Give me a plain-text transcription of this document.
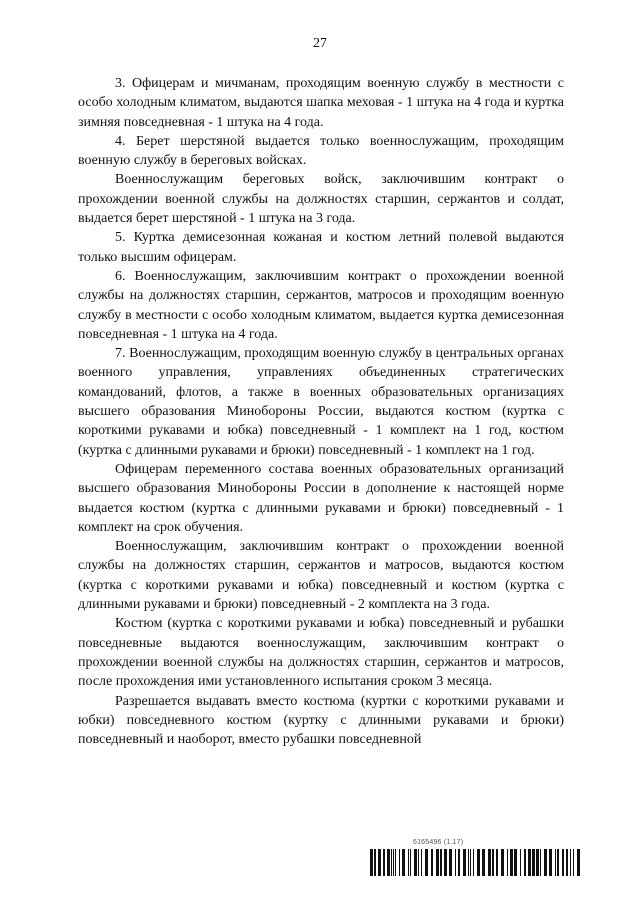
27

3. Офицерам и мичманам, проходящим военную службу в местности с особо холодным климатом, выдаются шапка меховая - 1 штука на 4 года и куртка зимняя повседневная - 1 штука на 4 года.

4. Берет шерстяной выдается только военнослужащим, проходящим военную службу в береговых войсках.

Военнослужащим береговых войск, заключившим контракт о прохождении военной службы на должностях старшин, сержантов и солдат, выдается берет шерстяной - 1 штука на 3 года.

5. Куртка демисезонная кожаная и костюм летний полевой выдаются только высшим офицерам.

6. Военнослужащим, заключившим контракт о прохождении военной службы на должностях старшин, сержантов, матросов и проходящим военную службу в местности с особо холодным климатом, выдается куртка демисезонная повседневная - 1 штука на 4 года.

7. Военнослужащим, проходящим военную службу в центральных органах военного управления, управлениях объединенных стратегических командований, флотов, а также в военных образовательных организациях высшего образования Минобороны России, выдаются костюм (куртка с короткими рукавами и юбка) повседневный - 1 комплект на 1 год, костюм (куртка с длинными рукавами и брюки) повседневный - 1 комплект на 1 год.

Офицерам переменного состава военных образовательных организаций высшего образования Минобороны России в дополнение к настоящей норме выдается костюм (куртка с длинными рукавами и брюки) повседневный - 1 комплект на срок обучения.

Военнослужащим, заключившим контракт о прохождении военной службы на должностях старшин, сержантов и матросов, выдаются костюм (куртка с короткими рукавами и юбка) повседневный и костюм (куртка с длинными рукавами и брюки) повседневный - 2 комплекта на 3 года.

Костюм (куртка с короткими рукавами и юбка) повседневный и рубашки повседневные выдаются военнослужащим, заключившим контракт о прохождении военной службы на должностях старшин, сержантов и матросов, после прохождения ими установленного испытания сроком 3 месяца.

Разрешается выдавать вместо костюма (куртки с короткими рукавами и юбки) повседневного костюм (куртку с длинными рукавами и брюки) повседневный и наоборот, вместо рубашки повседневной

6165496 (1.17)
